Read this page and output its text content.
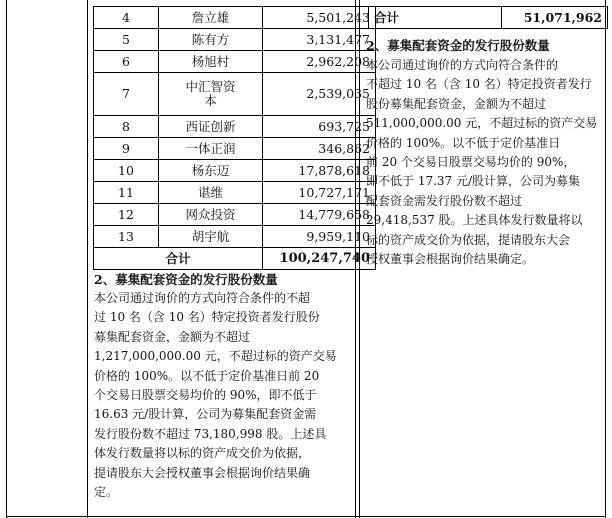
4	詹立雄	5,501,243
5	陈有方	3,131,477
6	杨旭村	2,962,208
7	中汇智资
本	2,539,035
8	西证创新	693,725
9	一体正润	346,862
10	杨东迈	17,878,618
11	谌维	10,727,171
12	网众投资	14,779,658
13	胡宇航	9,959,110
合计		100,247,740
2、募集配套资金的发行股份数量
本公司通过询价的方式向符合条件的不超
过 10 名（含 10 名）特定投资者发行股份
募集配套资金，金额为不超过
1,217,000,000.00 元，不超过标的资产交易
价格的 100%。以不低于定价基准日前 20
个交易日股票交易均价的 90%，即不低于
16.63 元/股计算，公司为募集配套资金需
发行股份数不超过 73,180,998 股。上述具
体发行数量将以标的资产成交价为依据，
提请股东大会授权董事会根据询价结果确
定。
合计	51,071,962
2、募集配套资金的发行股份数量
本公司通过询价的方式向符合条件的
不超过 10 名（含 10 名）特定投资者发行
股份募集配套资金，金额为不超过
511,000,000.00 元，不超过标的资产交易
价格的 100%。以不低于定价基准日
前 20 个交易日股票交易均价的 90%，
即不低于 17.37 元/股计算，公司为募集
配套资金需发行股份数不超过
29,418,537 股。上述具体发行数量将以
标的资产成交价为依据，提请股东大会
授权董事会根据询价结果确定。
